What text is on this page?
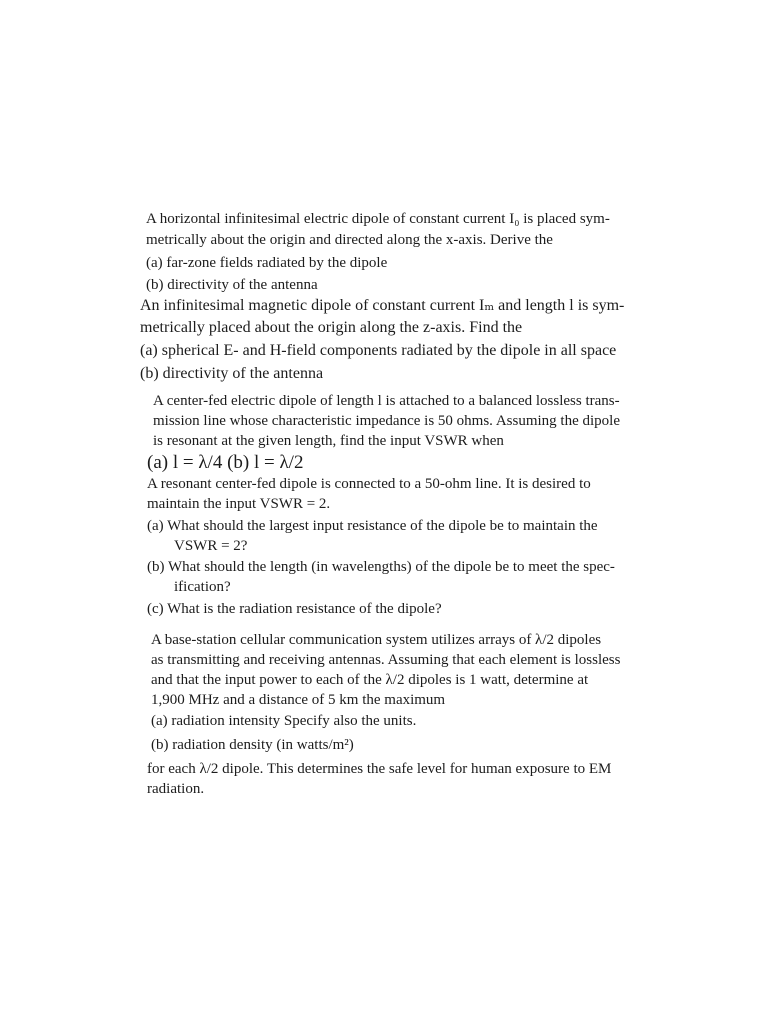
A horizontal infinitesimal electric dipole of constant current I₀ is placed sym-
metrically about the origin and directed along the x-axis. Derive the
(a) far-zone fields radiated by the dipole
(b) directivity of the antenna
An infinitesimal magnetic dipole of constant current Iₘ and length l is sym-
metrically placed about the origin along the z-axis. Find the
(a) spherical E- and H-field components radiated by the dipole in all space
(b) directivity of the antenna
A center-fed electric dipole of length l is attached to a balanced lossless trans-
mission line whose characteristic impedance is 50 ohms. Assuming the dipole
is resonant at the given length, find the input VSWR when
(a) l = λ/4 (b) l = λ/2
A resonant center-fed dipole is connected to a 50-ohm line. It is desired to
maintain the input VSWR = 2.
(a) What should the largest input resistance of the dipole be to maintain the
VSWR = 2?
(b) What should the length (in wavelengths) of the dipole be to meet the spec-
ification?
(c) What is the radiation resistance of the dipole?
A base-station cellular communication system utilizes arrays of λ/2 dipoles
as transmitting and receiving antennas. Assuming that each element is lossless
and that the input power to each of the λ/2 dipoles is 1 watt, determine at
1,900 MHz and a distance of 5 km the maximum
(a) radiation intensity Specify also the units.
(b) radiation density (in watts/m²)
for each λ/2 dipole. This determines the safe level for human exposure to EM
radiation.
